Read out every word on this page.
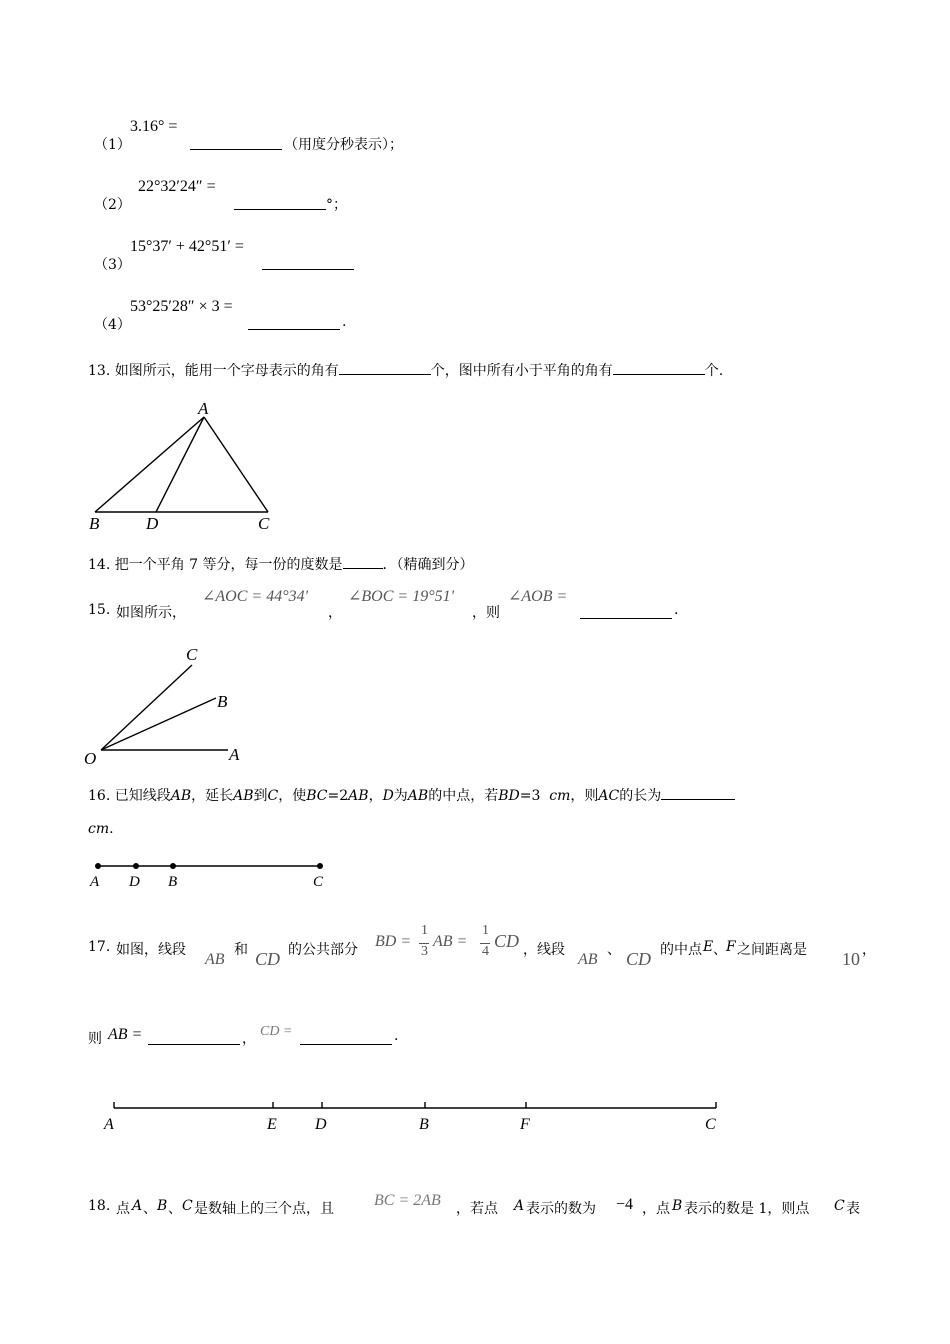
（1）
3.16° =
（用度分秒表示）；
（2）
22°32′24″ =
°；
（3）
15°37′ + 42°51′ =
（4）
53°25′28″ × 3 =
.
13. 如图所示，能用一个字母表示的角有	个，图中所有小于平角的角有	个.
A
B	D	C
14. 把一个平角 7 等分，每一份的度数是	．（精确到分）
15. 如图所示，
∠AOC = 44°34′
，
∠BOC = 19°51′
，则
∠AOB =
.
C
B
O	A
16. 已知线段AB，延长AB到C，使BC=2AB，D为AB的中点，若BD=3  cm，则AC的长为
cm.
A D B	C
17. 如图，线段
AB
和 CD 的公共部分 BD =
1
3
AB =
1
4
CD ，线段
AB
、 CD 的中点 E 、 F 之间距离是 10 ，
则 AB =	， CD =	.
A	E D	B	F	C
18. 点 A 、 B 、 C 是数轴上的三个点，且	BC = 2AB ，若点 A 表示的数为 −4 ，点 B 表示的数是 1，则点 C 表
